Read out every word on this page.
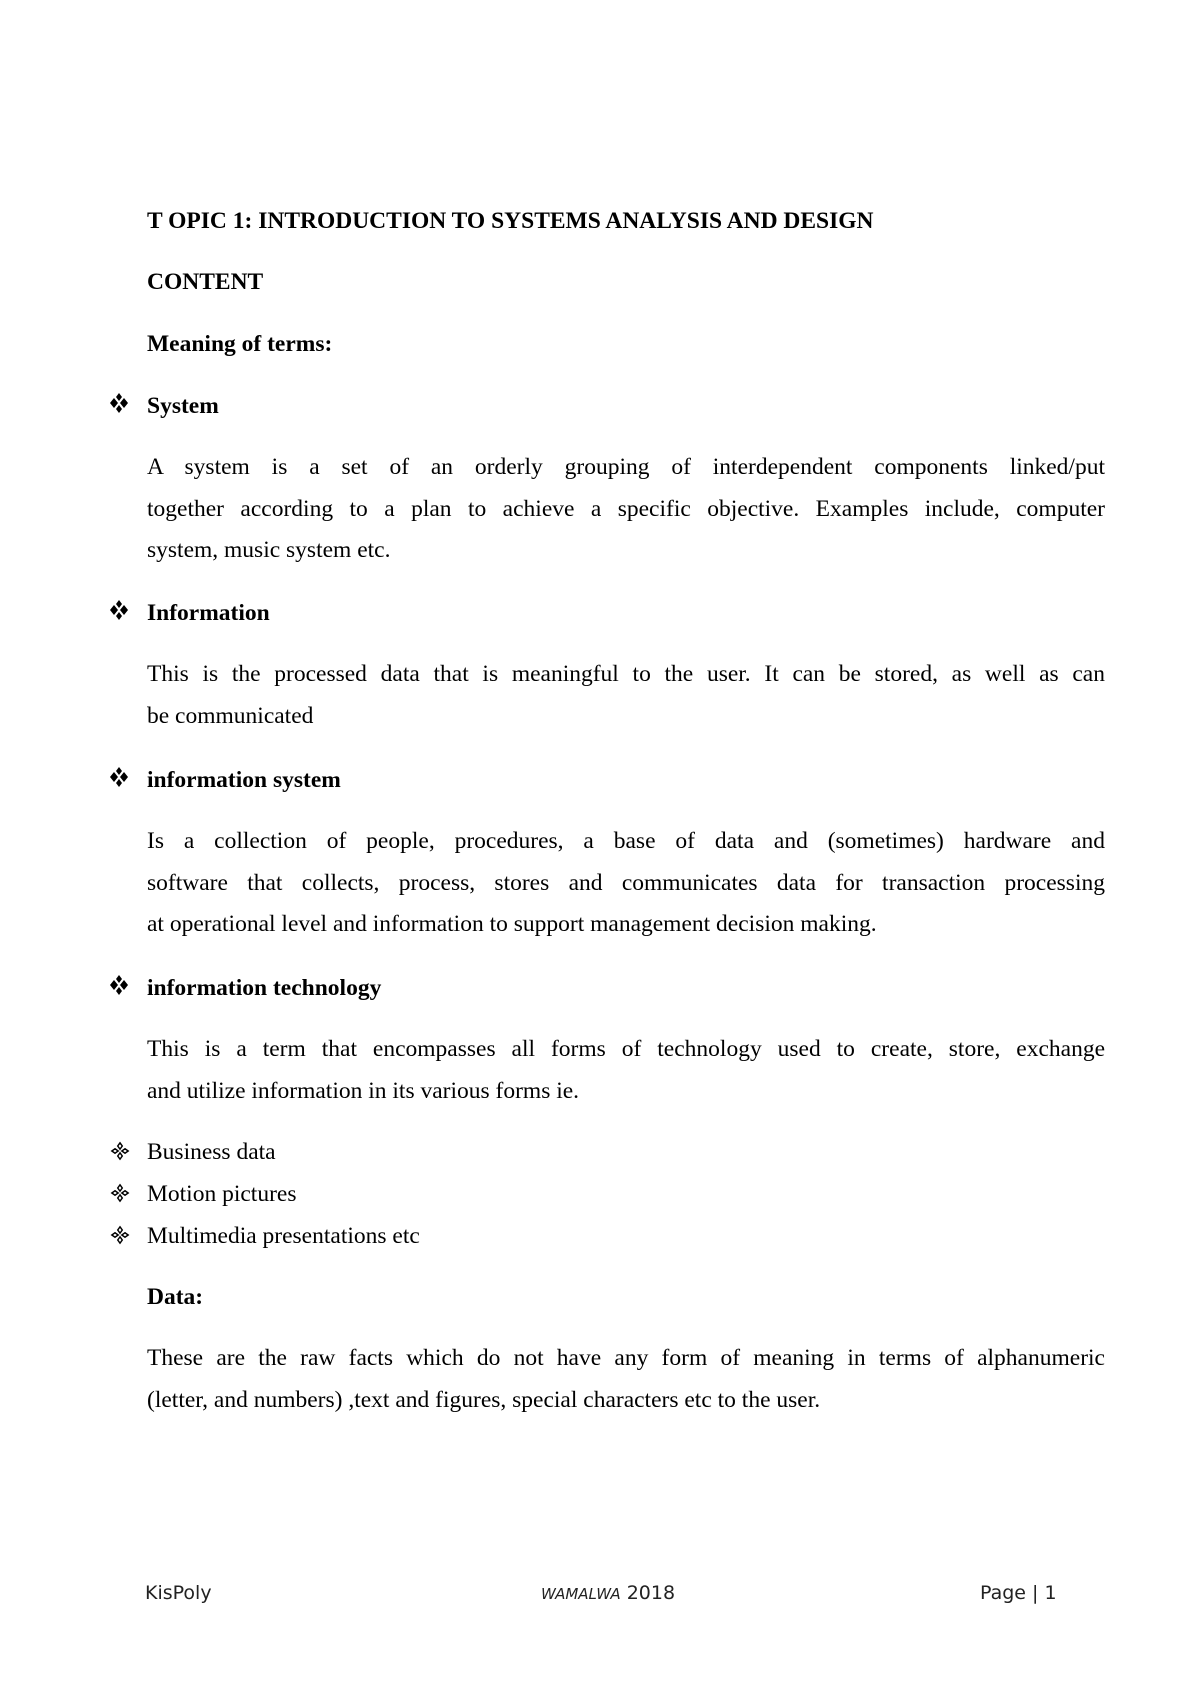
T OPIC 1: INTRODUCTION TO SYSTEMS ANALYSIS AND DESIGN
CONTENT
Meaning of terms:
System
A system is a set of an orderly grouping of interdependent components linked/put
together according to a plan to achieve a specific objective. Examples include, computer
system, music system etc.
Information
This is the processed data that is meaningful to the user. It can be stored, as well as can
be communicated
information system
Is a collection of people, procedures, a base of data and (sometimes) hardware and
software that collects, process, stores and communicates data for transaction processing
at operational level and information to support management decision making.
information technology
This is a term that encompasses all forms of technology used to create, store, exchange
and utilize information in its various forms ie.
Business data
Motion pictures
Multimedia presentations etc
Data:
These are the raw facts which do not have any form of meaning in terms of alphanumeric
(letter, and numbers) ,text and figures, special characters etc to the user.
KisPoly	WAMALWA 2018	Page | 1
